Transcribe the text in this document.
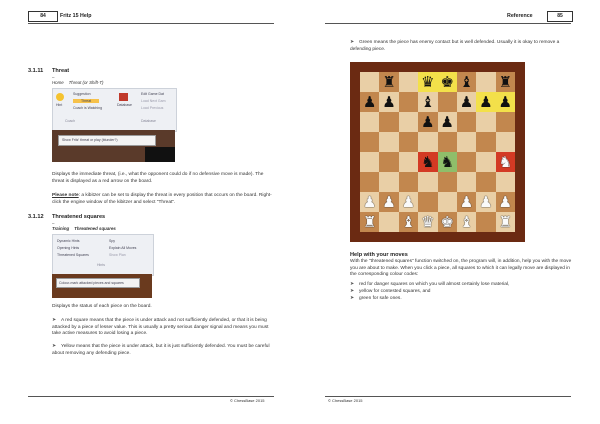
84	Fritz 15 Help
3.1.11 Threat
–
Home Threat (or Shift-T)
Hint
Suggestion
Threat
Coach is Watching
Coach
Database
Edit Game Dat
Load Next Gam
Load Previous
Database
Show Fritz' threat or play (blunder?)
Displays the immediate threat, (i.e., what the opponent could do if no defensive move is made). The threat is displayed as a red arrow on the board.
Please note: a kibitzer can be set to display the threat in every position that occurs on the board. Right-click the engine window of the kibitzer and select "Threat".
3.1.12 Threatened squares
–
Training Threatened squares
Dynamic Hints
Opening Hints
Threatened Squares
Spy
Explain All Moves
Show Plan
Hints
Colour-mark attacked pieces and squares
Displays the status of each piece on the board.
➤ A red square means that the piece is under attack and not sufficiently defended, or that it is being attacked by a piece of lesser value. This is usually a pretty serious danger signal and means you must take active measures to avoid losing a piece.
➤ Yellow means that the piece is under attack, but it is just sufficiently defended. You must be careful about removing any defending piece.
© ChessBase 2015
Reference	85
➤ Green means the piece has enemy contact but is well defended. Usually it is okay to remove a defending piece.
♜ ♛ ♚ ♝ ♜
♟ ♟ ♝ ♟ ♟ ♟
♟ ♟
♞ ♞	♞
♟ ♟ ♟	♟ ♟ ♟
♜ ♝ ♛ ♚ ♝ ♜
Help with your moves
With the "threatened squares" function switched on, the program will, in addition, help you with the move you are about to make. When you click a piece, all squares to which it can legally move are displayed in the corresponding colour codes:
➤ red for danger squares on which you will almost certainly lose material,
➤ yellow for contested squares, and
➤ green for safe ones.
© ChessBase 2015
